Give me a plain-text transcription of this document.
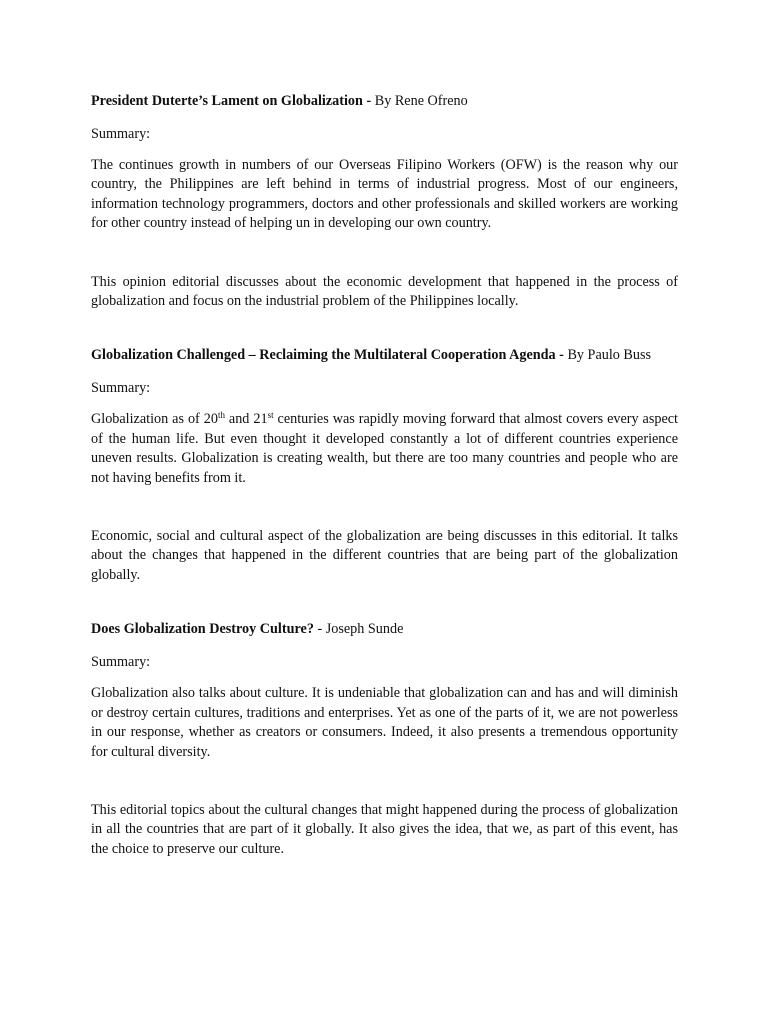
President Duterte’s Lament on Globalization - By Rene Ofreno

Summary:

The continues growth in numbers of our Overseas Filipino Workers (OFW) is the reason why our country, the Philippines are left behind in terms of industrial progress. Most of our engineers, information technology programmers, doctors and other professionals and skilled workers are working for other country instead of helping un in developing our own country.

This opinion editorial discusses about the economic development that happened in the process of globalization and focus on the industrial problem of the Philippines locally.

Globalization Challenged – Reclaiming the Multilateral Cooperation Agenda - By Paulo Buss

Summary:

Globalization as of 20th and 21st centuries was rapidly moving forward that almost covers every aspect of the human life. But even thought it developed constantly a lot of different countries experience uneven results. Globalization is creating wealth, but there are too many countries and people who are not having benefits from it.

Economic, social and cultural aspect of the globalization are being discusses in this editorial. It talks about the changes that happened in the different countries that are being part of the globalization globally.

Does Globalization Destroy Culture? - Joseph Sunde

Summary:

Globalization also talks about culture. It is undeniable that globalization can and has and will diminish or destroy certain cultures, traditions and enterprises. Yet as one of the parts of it, we are not powerless in our response, whether as creators or consumers. Indeed, it also presents a tremendous opportunity for cultural diversity.

This editorial topics about the cultural changes that might happened during the process of globalization in all the countries that are part of it globally. It also gives the idea, that we, as part of this event, has the choice to preserve our culture.
